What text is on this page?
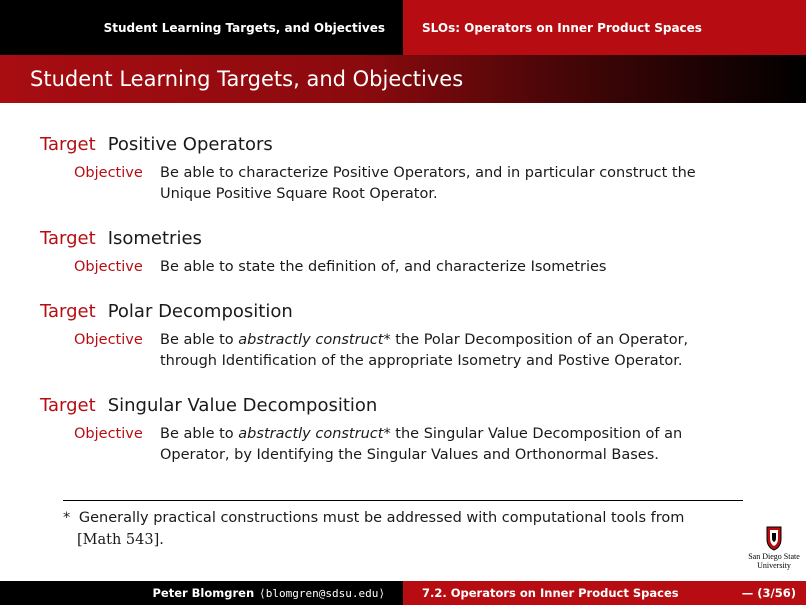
Student Learning Targets, and Objectives	SLOs: Operators on Inner Product Spaces
Student Learning Targets, and Objectives
Target Positive Operators
Objective	Be able to characterize Positive Operators, and in particular construct the Unique Positive Square Root Operator.
Target Isometries
Objective	Be able to state the definition of, and characterize Isometries
Target Polar Decomposition
Objective	Be able to abstractly construct* the Polar Decomposition of an Operator, through Identification of the appropriate Isometry and Postive Operator.
Target Singular Value Decomposition
Objective	Be able to abstractly construct* the Singular Value Decomposition of an Operator, by Identifying the Singular Values and Orthonormal Bases.
* Generally practical constructions must be addressed with computational tools from
[Math 543].
San Diego State
University
Peter Blomgren ⟨blomgren@sdsu.edu⟩	7.2. Operators on Inner Product Spaces	— (3/56)
